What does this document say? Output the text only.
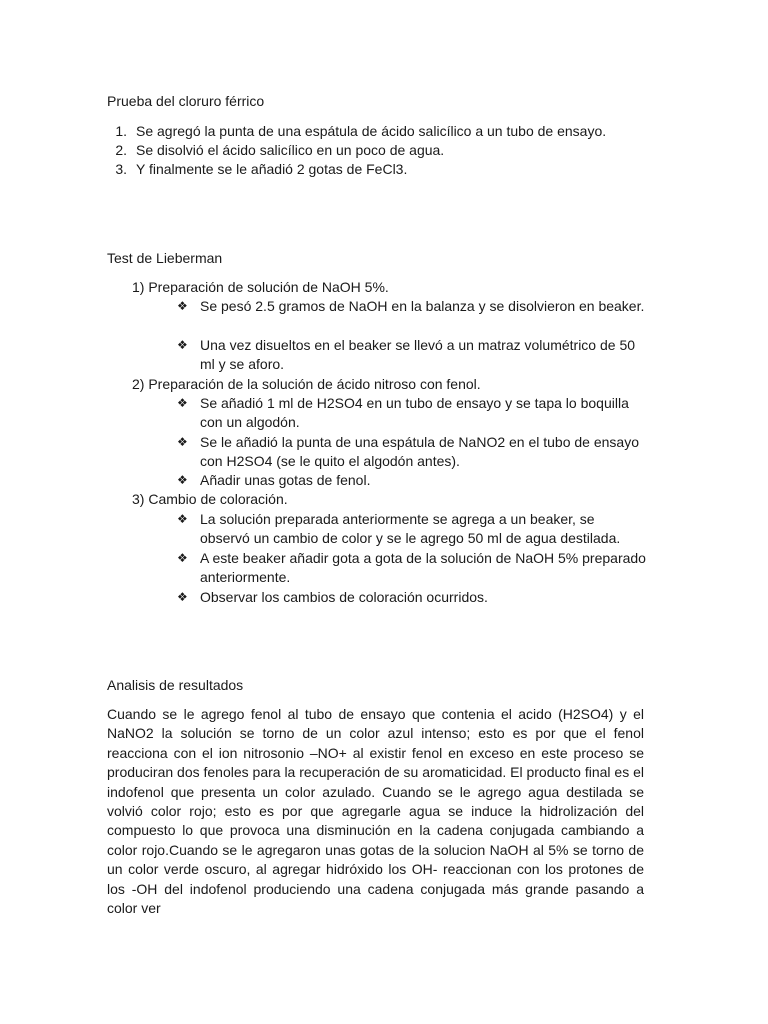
Prueba del cloruro férrico
1. Se agregó la punta de una espátula de ácido salicílico a un tubo de ensayo.
2. Se disolvió el ácido salicílico en un poco de agua.
3. Y finalmente se le añadió 2 gotas de FeCl3.
Test de Lieberman
1) Preparación de solución de NaOH 5%.
❖ Se pesó 2.5 gramos de NaOH en la balanza y se disolvieron en beaker.
❖ Una vez disueltos en el beaker se llevó a un matraz volumétrico de 50 ml y se aforo.
2) Preparación de la solución de ácido nitroso con fenol.
❖ Se añadió 1 ml de H2SO4 en un tubo de ensayo y se tapa lo boquilla con un algodón.
❖ Se le añadió la punta de una espátula de NaNO2 en el tubo de ensayo con H2SO4 (se le quito el algodón antes).
❖ Añadir unas gotas de fenol.
3) Cambio de coloración.
❖ La solución preparada anteriormente se agrega a un beaker, se observó un cambio de color y se le agrego 50 ml de agua destilada.
❖ A este beaker añadir gota a gota de la solución de NaOH 5% preparado anteriormente.
❖ Observar los cambios de coloración ocurridos.
Analisis de resultados
Cuando se le agrego fenol al tubo de ensayo que contenia el acido (H2SO4) y el NaNO2 la solución se torno de un color azul intenso; esto es por que el fenol reacciona con el ion nitrosonio –NO+ al existir fenol en exceso en este proceso se produciran dos fenoles para la recuperación de su aromaticidad. El producto final es el indofenol que presenta un color azulado. Cuando se le agrego agua destilada se volvió color rojo; esto es por que agregarle agua se induce la hidrolización del compuesto lo que provoca una disminución en la cadena conjugada cambiando a color rojo.Cuando se le agregaron unas gotas de la solucion NaOH al 5% se torno de un color verde oscuro, al agregar hidróxido los OH- reaccionan con los protones de los -OH del indofenol produciendo una cadena conjugada más grande pasando a color ver
